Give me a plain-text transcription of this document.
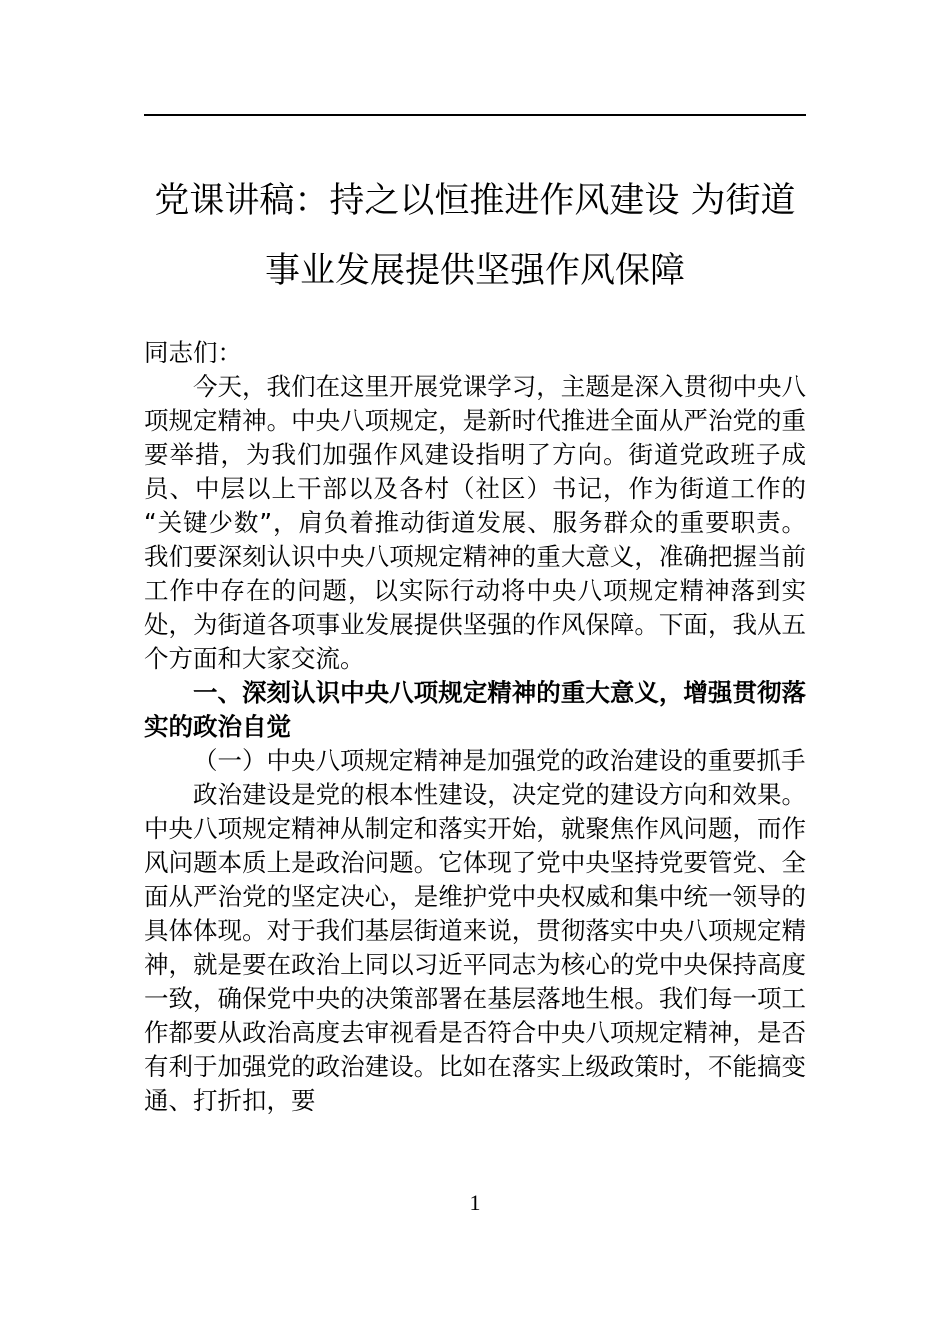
党课讲稿：持之以恒推进作风建设 为街道
事业发展提供坚强作风保障

同志们：

今天，我们在这里开展党课学习，主题是深入贯彻中央八项规定精神。中央八项规定，是新时代推进全面从严治党的重要举措，为我们加强作风建设指明了方向。街道党政班子成员、中层以上干部以及各村（社区）书记，作为街道工作的 “关键少数”，肩负着推动街道发展、服务群众的重要职责。我们要深刻认识中央八项规定精神的重大意义，准确把握当前工作中存在的问题，以实际行动将中央八项规定精神落到实处，为街道各项事业发展提供坚强的作风保障。下面，我从五个方面和大家交流。

一、深刻认识中央八项规定精神的重大意义，增强贯彻落实的政治自觉

（一）中央八项规定精神是加强党的政治建设的重要抓手

政治建设是党的根本性建设，决定党的建设方向和效果。中央八项规定精神从制定和落实开始，就聚焦作风问题，而作风问题本质上是政治问题。它体现了党中央坚持党要管党、全面从严治党的坚定决心，是维护党中央权威和集中统一领导的具体体现。对于我们基层街道来说，贯彻落实中央八项规定精神，就是要在政治上同以习近平同志为核心的党中央保持高度一致，确保党中央的决策部署在基层落地生根。我们每一项工作都要从政治高度去审视看是否符合中央八项规定精神，是否有利于加强党的政治建设。比如在落实上级政策时，不能搞变通、打折扣，要

1
